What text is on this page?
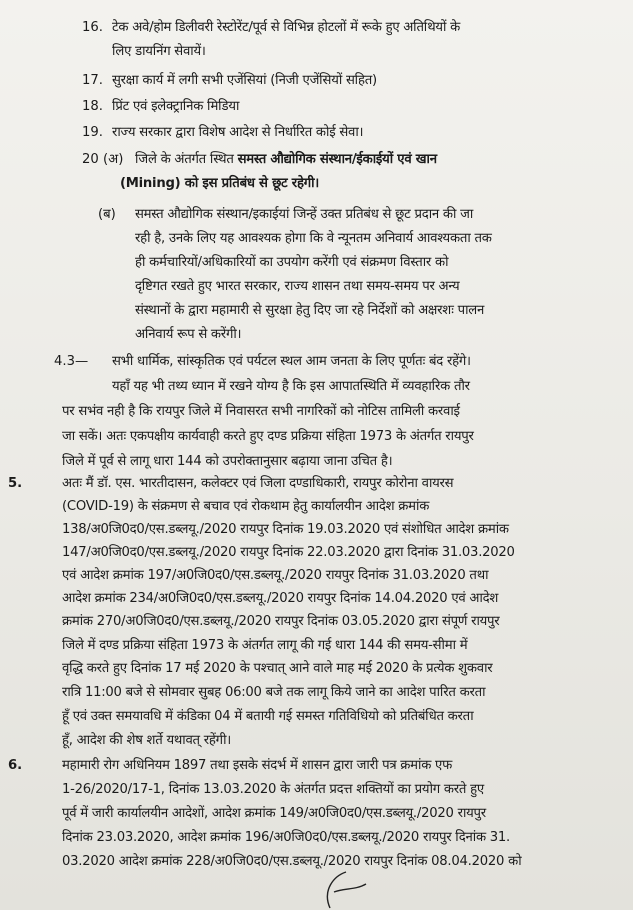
16. टेक अवे/होम डिलीवरी रेस्टोरेंट/पूर्व से विभिन्न होटलों में रूके हुए अतिथियों के
लिए डायनिंग सेवायें।
17. सुरक्षा कार्य में लगी सभी एजेंसियां (निजी एजेंसियों सहित)
18. प्रिंट एवं इलेक्ट्रानिक मिडिया
19. राज्य सरकार द्वारा विशेष आदेश से निर्धारित कोई सेवा।
20 (अ) जिले के अंतर्गत स्थित समस्त औद्योगिक संस्थान/ईकाईयों एवं खान
(Mining) को इस प्रतिबंध से छूट रहेगी।
(ब) समस्त औद्योगिक संस्थान/इकाईयां जिन्हें उक्त प्रतिबंध से छूट प्रदान की जा
रही है, उनके लिए यह आवश्यक होगा कि वे न्यूनतम अनिवार्य आवश्यकता तक
ही कर्मचारियों/अधिकारियों का उपयोग करेंगी एवं संक्रमण विस्तार को
दृष्टिगत रखते हुए भारत सरकार, राज्य शासन तथा समय-समय पर अन्य
संस्थानों के द्वारा महामारी से सुरक्षा हेतु दिए जा रहे निर्देशों को अक्षरशः पालन
अनिवार्य रूप से करेंगी।
4.3— सभी धार्मिक, सांस्कृतिक एवं पर्यटल स्थल आम जनता के लिए पूर्णतः बंद रहेंगे।
यहॉं यह भी तथ्य ध्यान में रखने योग्य है कि इस आपातस्थिति में व्यवहारिक तौर
पर सभंव नही है कि रायपुर जिले में निवासरत सभी नागरिकों को नोटिस तामिली करवाई
जा सकें। अतः एकपक्षीय कार्यवाही करते हुए दण्ड प्रक्रिया संहिता 1973 के अंतर्गत रायपुर
जिले में पूर्व से लागू धारा 144 को उपरोक्तानुसार बढ़ाया जाना उचित है।
5.	अतः मैं डॉ. एस. भारतीदासन, कलेक्टर एवं जिला दण्डाधिकारी, रायपुर कोरोना वायरस
(COVID-19) के संक्रमण से बचाव एवं रोकथाम हेतु कार्यालयीन आदेश क्रमांक
138/अ0जि0द0/एस.डब्लयू./2020 रायपुर दिनांक 19.03.2020 एवं संशोधित आदेश क्रमांक
147/अ0जि0द0/एस.डब्लयू./2020 रायपुर दिनांक 22.03.2020 द्वारा दिनांक 31.03.2020
एवं आदेश क्रमांक 197/अ0जि0द0/एस.डब्लयू./2020 रायपुर दिनांक 31.03.2020 तथा
आदेश क्रमांक 234/अ0जि0द0/एस.डब्लयू./2020 रायपुर दिनांक 14.04.2020 एवं आदेश
क्रमांक 270/अ0जि0द0/एस.डब्लयू./2020 रायपुर दिनांक 03.05.2020 द्वारा संपूर्ण रायपुर
जिले में दण्ड प्रक्रिया संहिता 1973 के अंतर्गत लागू की गई धारा 144 की समय-सीमा में
वृद्धि करते हुए दिनांक 17 मई 2020 के पश्चात् आने वाले माह मई 2020 के प्रत्येक शुकवार
रात्रि 11:00 बजे से सोमवार सुबह 06:00 बजे तक लागू किये जाने का आदेश पारित करता
हूँ एवं उक्त समयावधि में कंडिका 04 में बतायी गई समस्त गतिविधियो को प्रतिबंधित करता
हूँ, आदेश की शेष शर्ते यथावत् रहेंगी।
6.	महामारी रोग अधिनियम 1897 तथा इसके संदर्भ में शासन द्वारा जारी पत्र क्रमांक एफ
1-26/2020/17-1, दिनांक 13.03.2020 के अंतर्गत प्रदत्त शक्तियों का प्रयोग करते हुए
पूर्व में जारी कार्यालयीन आदेशों, आदेश क्रमांक 149/अ0जि0द0/एस.डब्लयू./2020 रायपुर
दिनांक 23.03.2020, आदेश क्रमांक 196/अ0जि0द0/एस.डब्लयू./2020 रायपुर दिनांक 31.
03.2020 आदेश क्रमांक 228/अ0जि0द0/एस.डब्लयू./2020 रायपुर दिनांक 08.04.2020 को
